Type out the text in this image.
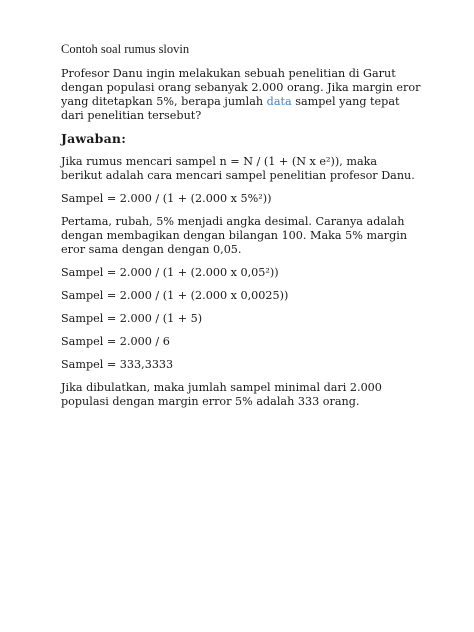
Contoh soal rumus slovin

Profesor Danu ingin melakukan sebuah penelitian di Garut dengan populasi orang sebanyak 2.000 orang. Jika margin eror yang ditetapkan 5%, berapa jumlah data sampel yang tepat dari penelitian tersebut?

Jawaban:

Jika rumus mencari sampel n = N / (1 + (N x e²)), maka berikut adalah cara mencari sampel penelitian profesor Danu.

Sampel = 2.000 / (1 + (2.000 x 5%²))

Pertama, rubah, 5% menjadi angka desimal. Caranya adalah dengan membagikan dengan bilangan 100. Maka 5% margin eror sama dengan dengan 0,05.

Sampel = 2.000 / (1 + (2.000 x 0,05²))
Sampel = 2.000 / (1 + (2.000 x 0,0025))
Sampel = 2.000 / (1 + 5)
Sampel = 2.000 / 6
Sampel = 333,3333

Jika dibulatkan, maka jumlah sampel minimal dari 2.000 populasi dengan margin error 5% adalah 333 orang.
